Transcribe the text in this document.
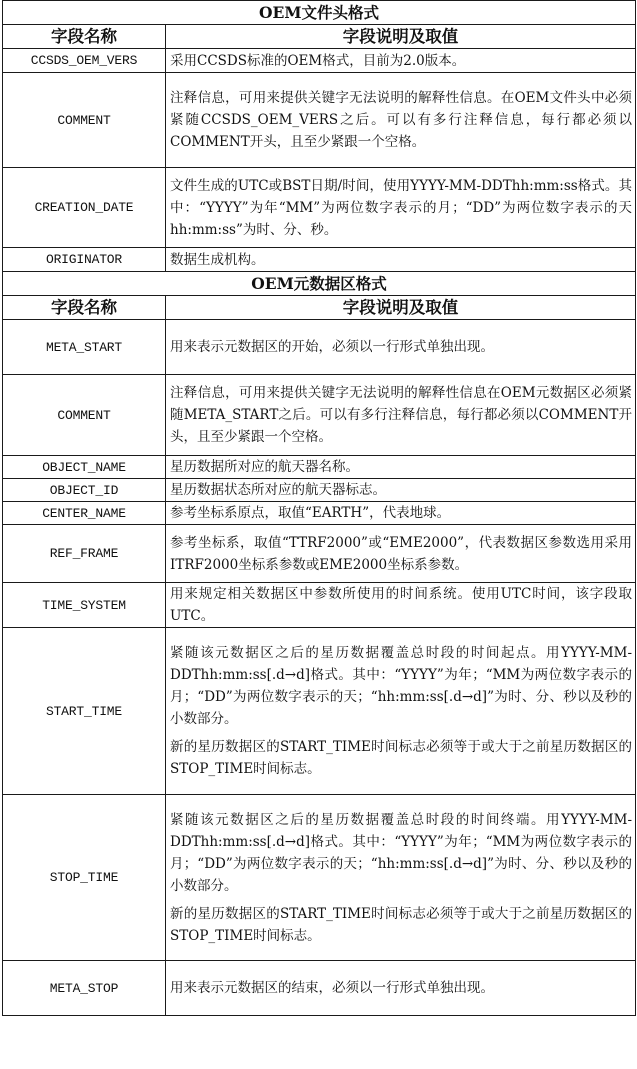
OEM文件头格式	
字段名称	字段说明及取值
CCSDS_OEM_VERS	采用CCSDS标准的OEM格式，目前为2.0版本。

COMMENT	注释信息，可用来提供关键字无法说明的解释性信息。在OEM文件头中必须紧随CCSDS_OEM_VERS之后。可以有多行注释信息，每行都必须以COMMENT开头，且至少紧跟一个空格。

CREATION_DATE	文件生成的UTC或BST日期/时间，使用YYYY-MM-DDThh:mm:ss格式。其中：“YYYY”为年“MM”为两位数字表示的月；“DD”为两位数字表示的天hh:mm:ss”为时、分、秒。

ORIGINATOR	数据生成机构。

OEM元数据区格式	
字段名称	字段说明及取值
META_START	用来表示元数据区的开始，必须以一行形式单独出现。

COMMENT	注释信息，可用来提供关键字无法说明的解释性信息在OEM元数据区必须紧随META_START之后。可以有多行注释信息，每行都必须以COMMENT开头，且至少紧跟一个空格。

OBJECT_NAME	星历数据所对应的航天器名称。

OBJECT_ID	星历数据状态所对应的航天器标志。

CENTER_NAME	参考坐标系原点，取值“EARTH”，代表地球。

REF_FRAME	参考坐标系，取值“TTRF2000”或“EME2000”，代表数据区参数选用采用ITRF2000坐标系参数或EME2000坐标系参数。

TIME_SYSTEM	用来规定相关数据区中参数所使用的时间系统。使用UTC时间，该字段取UTC。

START_TIME	紧随该元数据区之后的星历数据覆盖总时段的时间起点。用YYYY-MM-DDThh:mm:ss[.d→d]格式。其中：“YYYY”为年；“MM为两位数字表示的月；“DD”为两位数字表示的天；“hh:mm:ss[.d→d]”为时、分、秒以及秒的小数部分。

新的星历数据区的START_TIME时间标志必须等于或大于之前星历数据区的STOP_TIME时间标志。

STOP_TIME	紧随该元数据区之后的星历数据覆盖总时段的时间终端。用YYYY-MM-DDThh:mm:ss[.d→d]格式。其中：“YYYY”为年；“MM为两位数字表示的月；“DD”为两位数字表示的天；“hh:mm:ss[.d→d]”为时、分、秒以及秒的小数部分。

新的星历数据区的START_TIME时间标志必须等于或大于之前星历数据区的STOP_TIME时间标志。

META_STOP	用来表示元数据区的结束，必须以一行形式单独出现。
